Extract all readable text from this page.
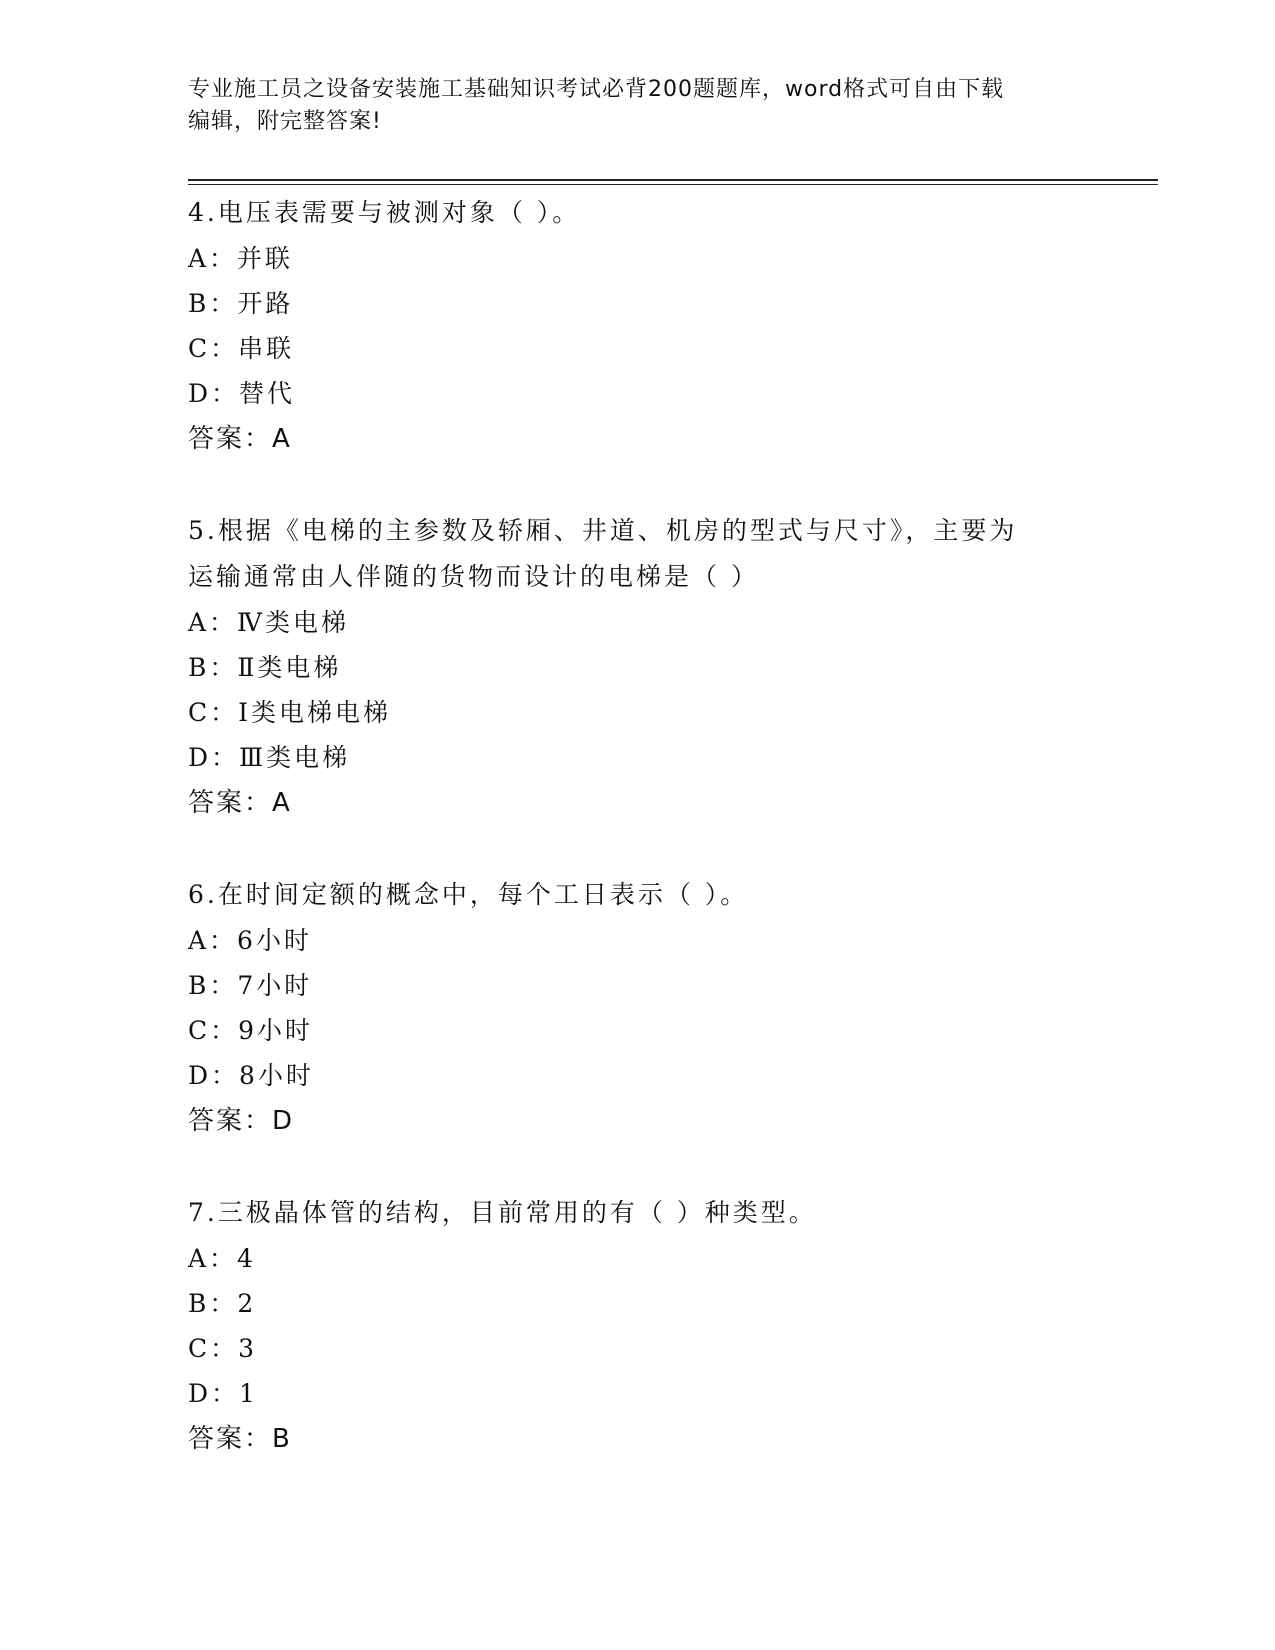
专业施工员之设备安装施工基础知识考试必背200题题库，word格式可自由下载
编辑，附完整答案!

4.电压表需要与被测对象（ ）。

A：并联

B：开路

C：串联

D：替代

答案：A

5.根据《电梯的主参数及轿厢、井道、机房的型式与尺寸》，主要为

运输通常由人伴随的货物而设计的电梯是（ ）

A：Ⅳ类电梯

B：Ⅱ类电梯

C：Ⅰ类电梯电梯

D：Ⅲ类电梯

答案：A

6.在时间定额的概念中，每个工日表示（ ）。

A：6小时

B：7小时

C：9小时

D：8小时

答案：D

7.三极晶体管的结构，目前常用的有（ ）种类型。

A：4

B：2

C：3

D：1

答案：B
